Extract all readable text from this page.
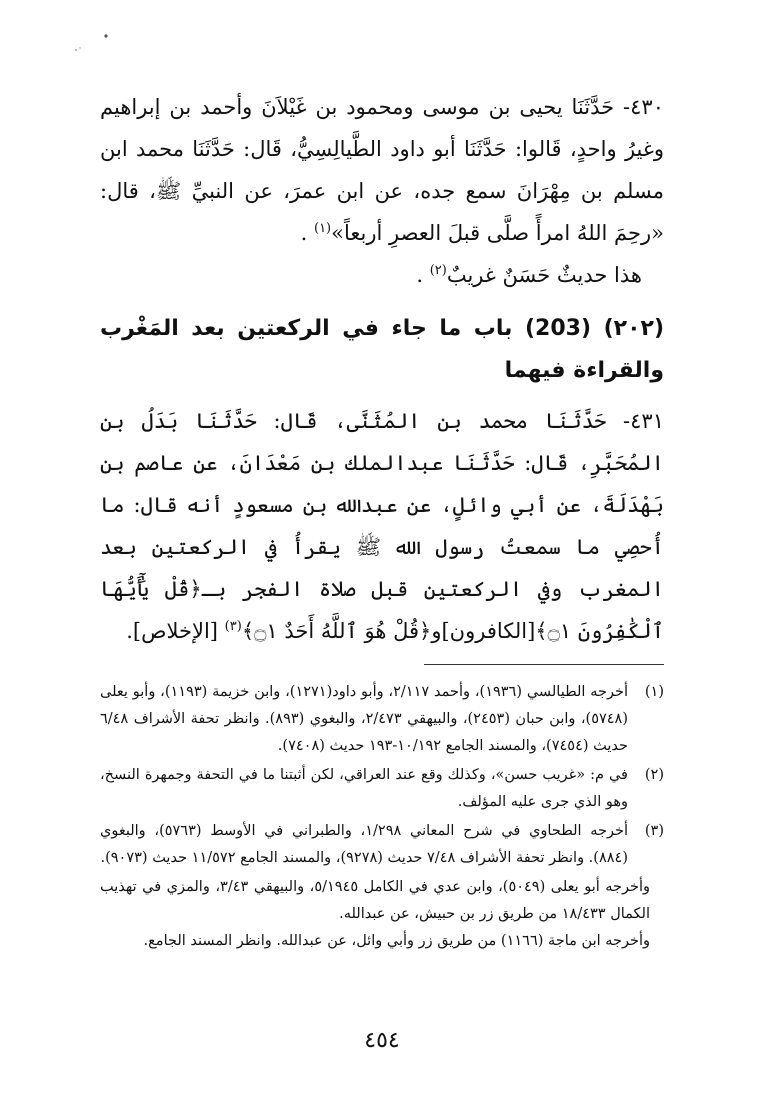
٤٣٠- حَدَّثَنَا يحيى بن موسى ومحمود بن غَيْلاَنَ وأحمد بن إبراهيم وغيرُ واحدٍ، قَالوا: حَدَّثَنَا أبو داود الطَّيالِسِيُّ، قَال: حَدَّثَنَا محمد ابن مسلم بن مِهْرَانَ سمع جده، عن ابن عمرَ، عن النبيِّ ﷺ، قال: «رحِمَ اللهُ امرأً صلَّى قبلَ العصرِ أربعاً»$^{(١)}$ .

هذا حديثٌ حَسَنٌ غريبٌ$^{(٢)}$ .

(٢٠٢) (203) باب ما جاء في الركعتين بعد المَغْرب والقراءة فيهما

٤٣١- حَدَّثَنَا محمد بن المُثَنَّى، قَال: حَدَّثَنَا بَدَلُ بن المُحَبَّرِ، قَال: حَدَّثَنَا عبدالملك بن مَعْدَانَ، عن عاصم بن بَهْدَلَةَ، عن أبي وائلٍ، عن عبدالله بن مسعودٍ أنه قال: ما أُحصِي ما سمعتُ رسول الله ﷺ يقرأُ في الركعتين بعد المغرب وفي الركعتين قبل صلاة الفجر بـ﴿قُلْ يَٰٓأَيُّهَا ٱلْكَٰفِرُونَ ۝١﴾[الكافرون]و﴿قُلْ هُوَ ٱللَّهُ أَحَدٌ ۝١﴾$^{(٣)}$ [الإخلاص].

(١)
أخرجه الطيالسي (١٩٣٦)، وأحمد ٢/١١٧، وأبو داود(١٢٧١)، وابن خزيمة (١١٩٣)، وأبو يعلى (٥٧٤٨)، وابن حبان (٢٤٥٣)، والبيهقي ٢/٤٧٣، والبغوي (٨٩٣). وانظر تحفة الأشراف ٦/٤٨ حديث (٧٤٥٤)، والمسند الجامع ١٠/١٩٢-١٩٣ حديث (٧٤٠٨).
(٢)
في م: «غريب حسن»، وكذلك وقع عند العراقي، لكن أثبتنا ما في التحفة وجمهرة النسخ، وهو الذي جرى عليه المؤلف.
(٣)
أخرجه الطحاوي في شرح المعاني ١/٢٩٨، والطبراني في الأوسط (٥٧٦٣)، والبغوي (٨٨٤). وانظر تحفة الأشراف ٧/٤٨ حديث (٩٢٧٨)، والمسند الجامع ١١/٥٧٢ حديث (٩٠٧٣).

وأخرجه أبو يعلى (٥٠٤٩)، وابن عدي في الكامل ٥/١٩٤٥، والبيهقي ٣/٤٣، والمزي في تهذيب الكمال ١٨/٤٣٣ من طريق زر بن حبيش، عن عبدالله.

وأخرجه ابن ماجة (١١٦٦) من طريق زر وأبي وائل، عن عبدالله. وانظر المسند الجامع.

٤٥٤
